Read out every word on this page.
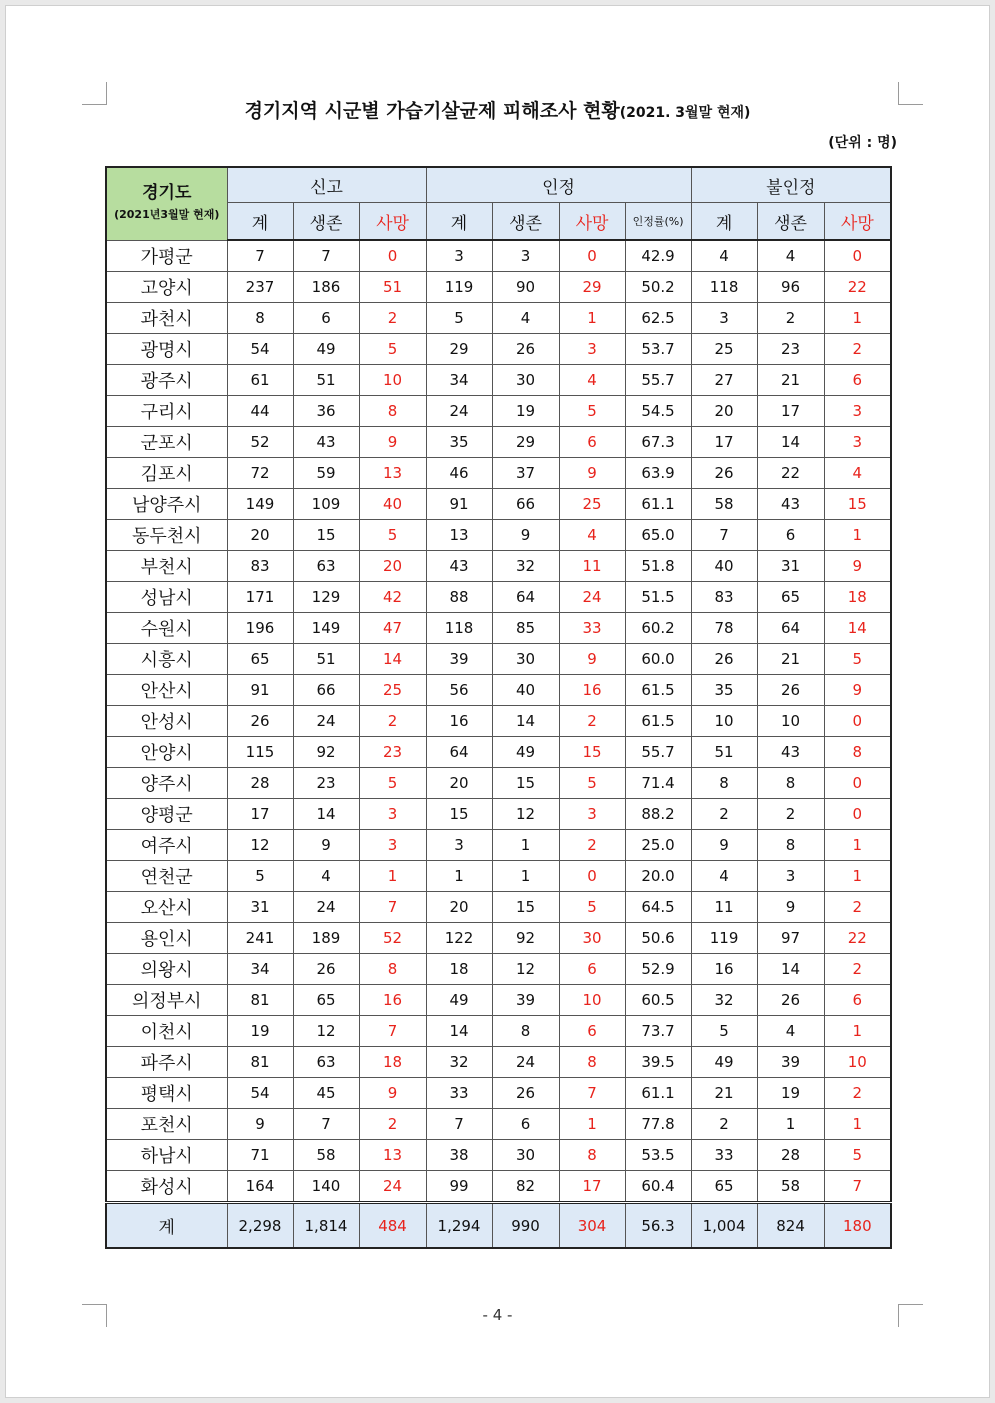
경기지역 시군별 가습기살균제 피해조사 현황(2021. 3월말 현재)
(단위 : 명)
경기도
(2021년3월말 현재)	신고			인정				불인정		
	계	생존	사망	계	생존	사망	인정률(%)	계	생존	사망
가평군	7	7	0	3	3	0	42.9	4	4	0
고양시	237	186	51	119	90	29	50.2	118	96	22
과천시	8	6	2	5	4	1	62.5	3	2	1
광명시	54	49	5	29	26	3	53.7	25	23	2
광주시	61	51	10	34	30	4	55.7	27	21	6
구리시	44	36	8	24	19	5	54.5	20	17	3
군포시	52	43	9	35	29	6	67.3	17	14	3
김포시	72	59	13	46	37	9	63.9	26	22	4
남양주시	149	109	40	91	66	25	61.1	58	43	15
동두천시	20	15	5	13	9	4	65.0	7	6	1
부천시	83	63	20	43	32	11	51.8	40	31	9
성남시	171	129	42	88	64	24	51.5	83	65	18
수원시	196	149	47	118	85	33	60.2	78	64	14
시흥시	65	51	14	39	30	9	60.0	26	21	5
안산시	91	66	25	56	40	16	61.5	35	26	9
안성시	26	24	2	16	14	2	61.5	10	10	0
안양시	115	92	23	64	49	15	55.7	51	43	8
양주시	28	23	5	20	15	5	71.4	8	8	0
양평군	17	14	3	15	12	3	88.2	2	2	0
여주시	12	9	3	3	1	2	25.0	9	8	1
연천군	5	4	1	1	1	0	20.0	4	3	1
오산시	31	24	7	20	15	5	64.5	11	9	2
용인시	241	189	52	122	92	30	50.6	119	97	22
의왕시	34	26	8	18	12	6	52.9	16	14	2
의정부시	81	65	16	49	39	10	60.5	32	26	6
이천시	19	12	7	14	8	6	73.7	5	4	1
파주시	81	63	18	32	24	8	39.5	49	39	10
평택시	54	45	9	33	26	7	61.1	21	19	2
포천시	9	7	2	7	6	1	77.8	2	1	1
하남시	71	58	13	38	30	8	53.5	33	28	5
화성시	164	140	24	99	82	17	60.4	65	58	7
계	2,298	1,814	484	1,294	990	304	56.3	1,004	824	180
- 4 -
